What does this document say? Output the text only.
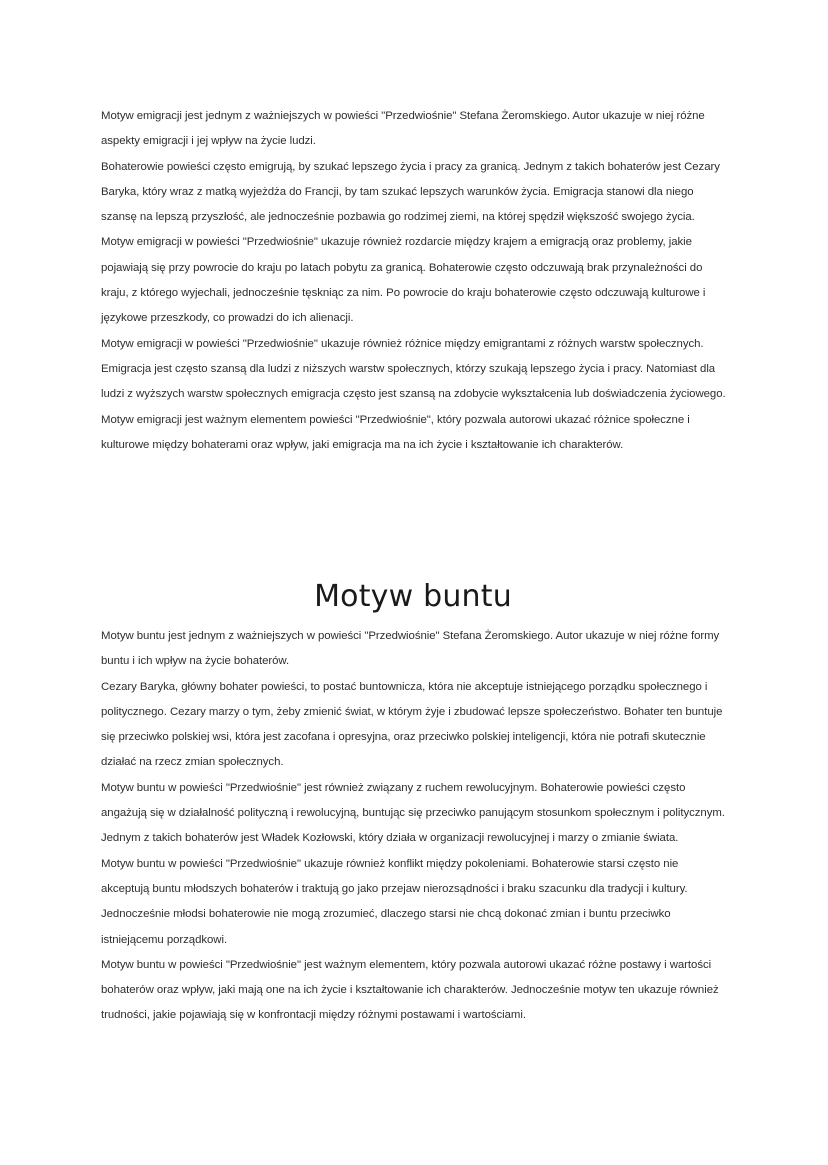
Motyw emigracji jest jednym z ważniejszych w powieści "Przedwiośnie" Stefana Żeromskiego. Autor ukazuje w niej różne aspekty emigracji i jej wpływ na życie ludzi.

Bohaterowie powieści często emigrują, by szukać lepszego życia i pracy za granicą. Jednym z takich bohaterów jest Cezary Baryka, który wraz z matką wyjeżdża do Francji, by tam szukać lepszych warunków życia. Emigracja stanowi dla niego szansę na lepszą przyszłość, ale jednocześnie pozbawia go rodzimej ziemi, na której spędził większość swojego życia.

Motyw emigracji w powieści "Przedwiośnie" ukazuje również rozdarcie między krajem a emigracją oraz problemy, jakie pojawiają się przy powrocie do kraju po latach pobytu za granicą. Bohaterowie często odczuwają brak przynależności do kraju, z którego wyjechali, jednocześnie tęskniąc za nim. Po powrocie do kraju bohaterowie często odczuwają kulturowe i językowe przeszkody, co prowadzi do ich alienacji.

Motyw emigracji w powieści "Przedwiośnie" ukazuje również różnice między emigrantami z różnych warstw społecznych. Emigracja jest często szansą dla ludzi z niższych warstw społecznych, którzy szukają lepszego życia i pracy. Natomiast dla ludzi z wyższych warstw społecznych emigracja często jest szansą na zdobycie wykształcenia lub doświadczenia życiowego.

Motyw emigracji jest ważnym elementem powieści "Przedwiośnie", który pozwala autorowi ukazać różnice społeczne i kulturowe między bohaterami oraz wpływ, jaki emigracja ma na ich życie i kształtowanie ich charakterów.

Motyw buntu

Motyw buntu jest jednym z ważniejszych w powieści "Przedwiośnie" Stefana Żeromskiego. Autor ukazuje w niej różne formy buntu i ich wpływ na życie bohaterów.

Cezary Baryka, główny bohater powieści, to postać buntownicza, która nie akceptuje istniejącego porządku społecznego i politycznego. Cezary marzy o tym, żeby zmienić świat, w którym żyje i zbudować lepsze społeczeństwo. Bohater ten buntuje się przeciwko polskiej wsi, która jest zacofana i opresyjna, oraz przeciwko polskiej inteligencji, która nie potrafi skutecznie działać na rzecz zmian społecznych.

Motyw buntu w powieści "Przedwiośnie" jest również związany z ruchem rewolucyjnym. Bohaterowie powieści często angażują się w działalność polityczną i rewolucyjną, buntując się przeciwko panującym stosunkom społecznym i politycznym. Jednym z takich bohaterów jest Władek Kozłowski, który działa w organizacji rewolucyjnej i marzy o zmianie świata.

Motyw buntu w powieści "Przedwiośnie" ukazuje również konflikt między pokoleniami. Bohaterowie starsi często nie akceptują buntu młodszych bohaterów i traktują go jako przejaw nierozsądności i braku szacunku dla tradycji i kultury. Jednocześnie młodsi bohaterowie nie mogą zrozumieć, dlaczego starsi nie chcą dokonać zmian i buntu przeciwko istniejącemu porządkowi.

Motyw buntu w powieści "Przedwiośnie" jest ważnym elementem, który pozwala autorowi ukazać różne postawy i wartości bohaterów oraz wpływ, jaki mają one na ich życie i kształtowanie ich charakterów. Jednocześnie motyw ten ukazuje również trudności, jakie pojawiają się w konfrontacji między różnymi postawami i wartościami.
